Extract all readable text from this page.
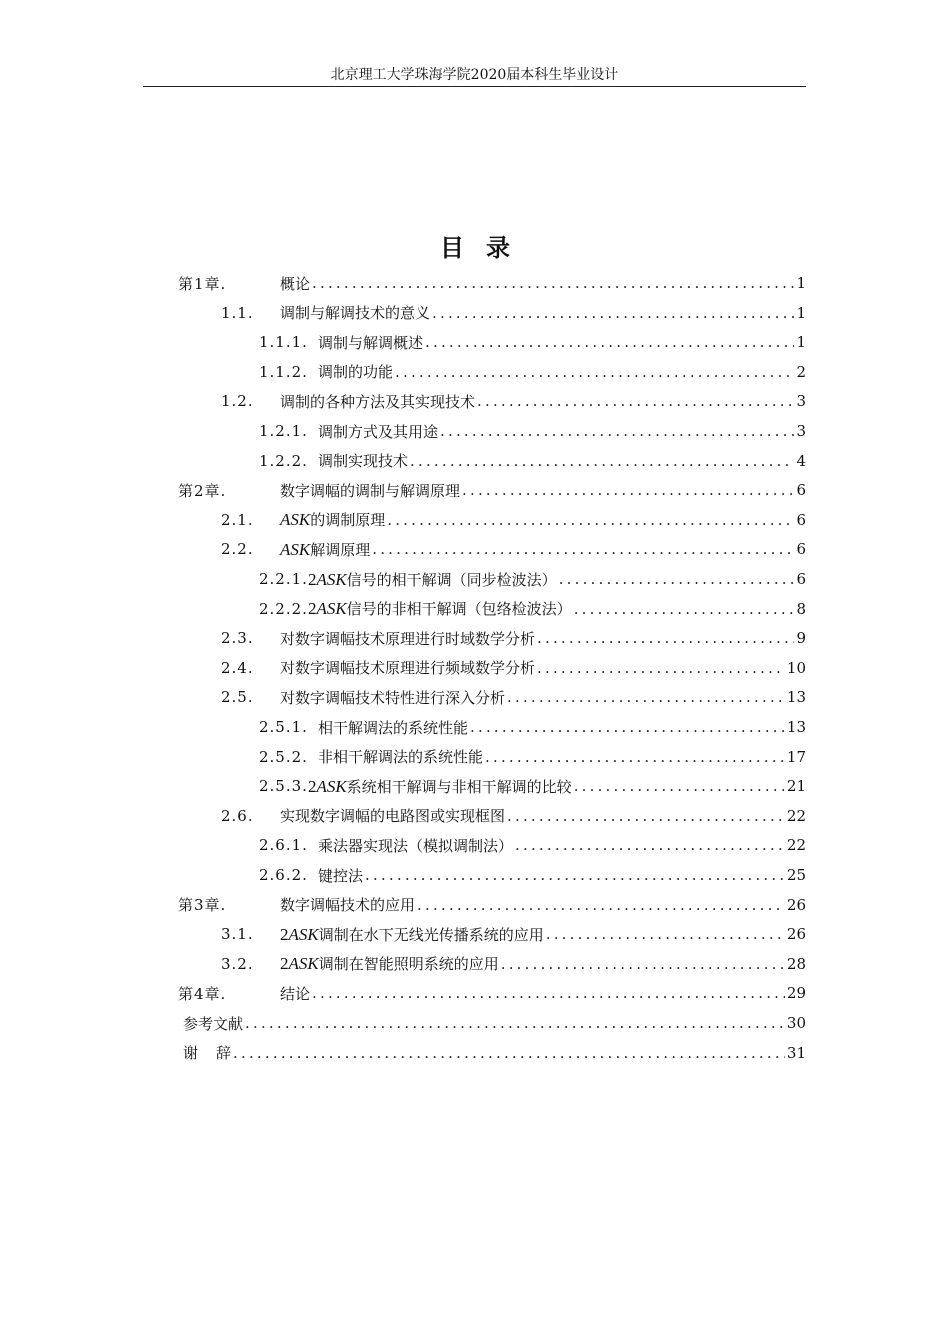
北京理工大学珠海学院2020届本科生毕业设计
目录
第1章.	概论 .....	1
1.1.	调制与解调技术的意义 .....	1
1.1.1. 调制与解调概述 .....	1
1.1.2. 调制的功能 .....	2
1.2.	调制的各种方法及其实现技术 .....	3
1.2.1. 调制方式及其用途 .....	3
1.2.2. 调制实现技术 .....	4
第2章.	数字调幅的调制与解调原理 .....	6
2.1.	ASK的调制原理 .....	6
2.2.	ASK解调原理 .....	6
2.2.1. 2ASK信号的相干解调（同步检波法） .....	6
2.2.2. 2ASK信号的非相干解调（包络检波法） .....	8
2.3.	对数字调幅技术原理进行时域数学分析 .....	9
2.4.	对数字调幅技术原理进行频域数学分析 .....	10
2.5.	对数字调幅技术特性进行深入分析 .....	13
2.5.1. 相干解调法的系统性能 .....	13
2.5.2. 非相干解调法的系统性能 .....	17
2.5.3. 2ASK系统相干解调与非相干解调的比较 .....	21
2.6.	实现数字调幅的电路图或实现框图 .....	22
2.6.1. 乘法器实现法（模拟调制法） .....	22
2.6.2. 键控法 .....	25
第3章.	数字调幅技术的应用 .....	26
3.1.	2ASK调制在水下无线光传播系统的应用 .....	26
3.2.	2ASK调制在智能照明系统的应用 .....	28
第4章.	结论 .....	29
参考文献 .....	30
谢 辞 .....	31
